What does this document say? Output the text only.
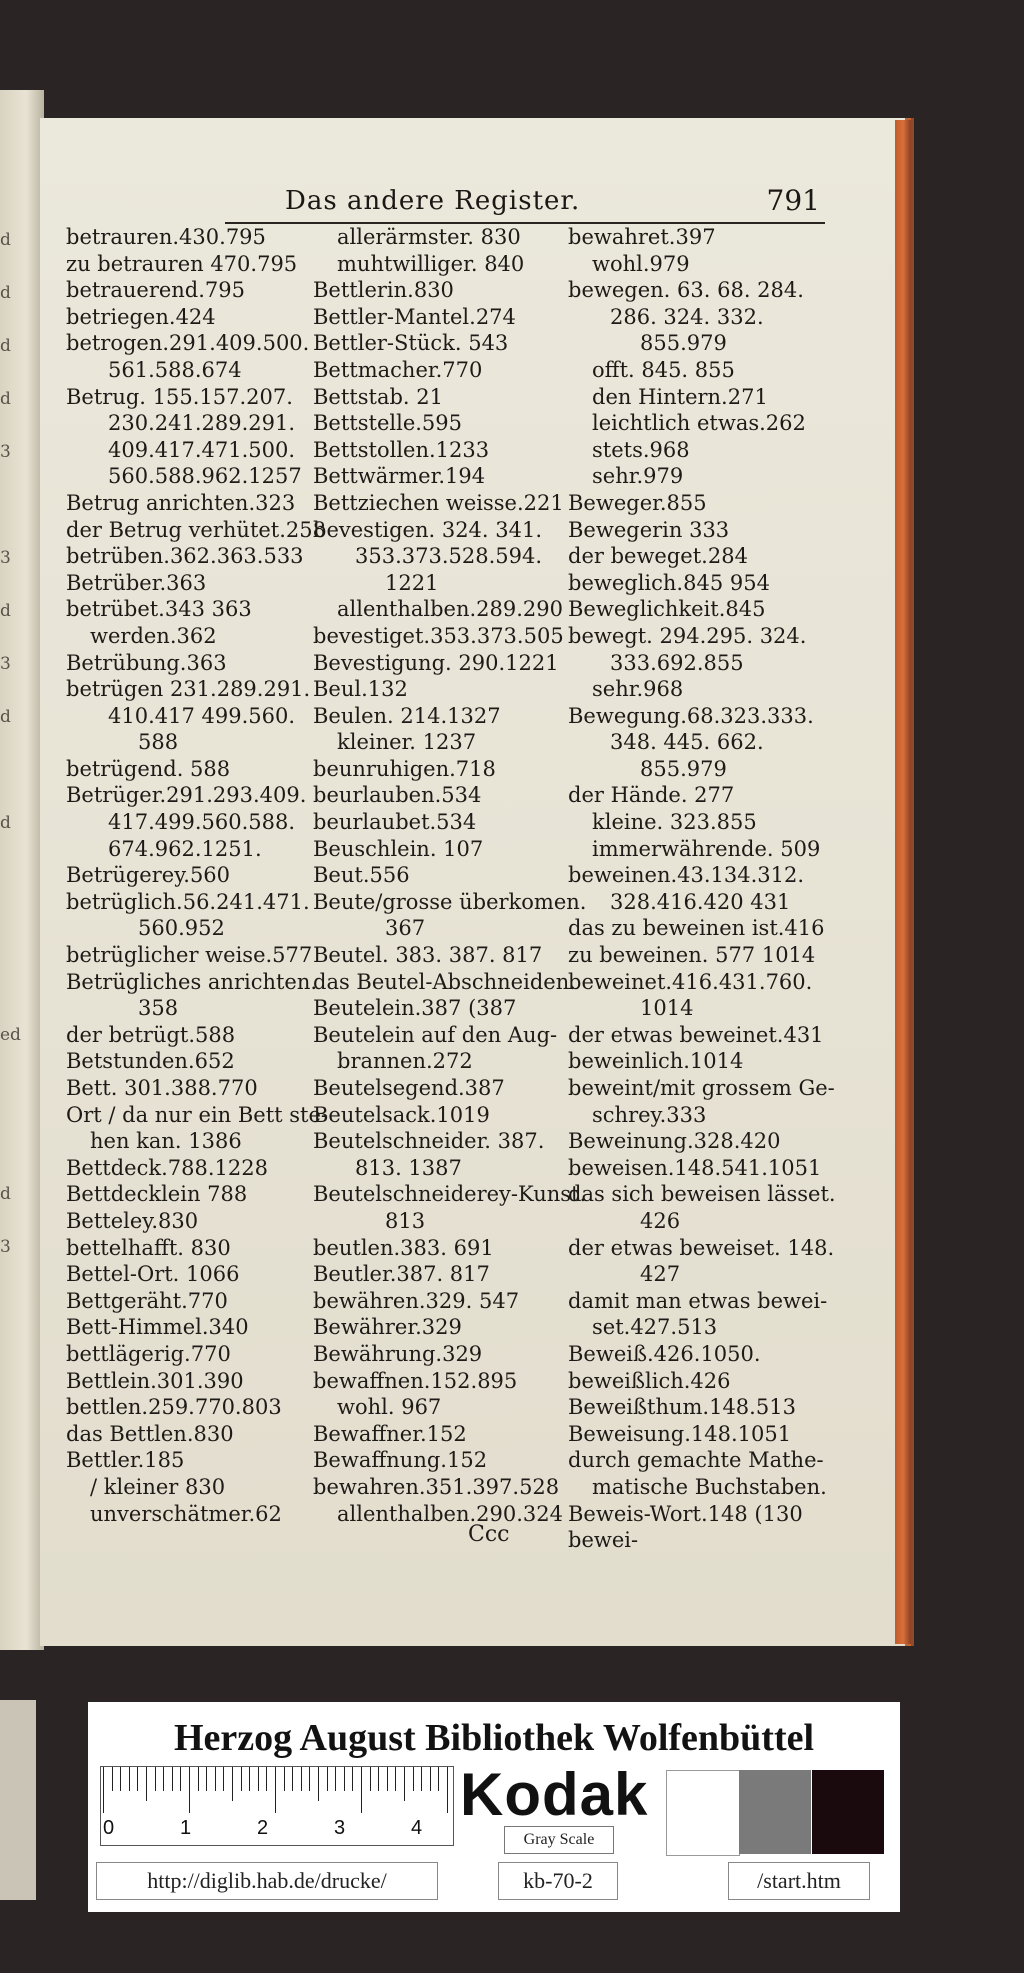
d
d
d
d
3
3
d
3
d
d
ed
d
3
Das andere Register.	791
betrauren.430.795
zu betrauren 470.795
betrauerend.795
betriegen.424
betrogen.291.409.500.
561.588.674
Betrug. 155.157.207.
230.241.289.291.
409.417.471.500.
560.588.962.1257
Betrug anrichten.323
der Betrug verhütet.258
betrüben.362.363.533
Betrüber.363
betrübet.343 363
werden.362
Betrübung.363
betrügen 231.289.291.
410.417 499.560.
588
betrügend. 588
Betrüger.291.293.409.
417.499.560.588.
674.962.1251.
Betrügerey.560
betrüglich.56.241.471.
560.952
betrüglicher weise.577
Betrügliches anrichten.
358
der betrügt.588
Betstunden.652
Bett. 301.388.770
Ort / da nur ein Bett ste-
hen kan. 1386
Bettdeck.788.1228
Bettdecklein 788
Betteley.830
bettelhafft. 830
Bettel-Ort. 1066
Bettgeräht.770
Bett-Himmel.340
bettlägerig.770
Bettlein.301.390
bettlen.259.770.803
das Bettlen.830
Bettler.185
/ kleiner 830
unverschätmer.62
allerärmster. 830
muhtwilliger. 840
Bettlerin.830
Bettler-Mantel.274
Bettler-Stück. 543
Bettmacher.770
Bettstab. 21
Bettstelle.595
Bettstollen.1233
Bettwärmer.194
Bettziechen weisse.221
bevestigen. 324. 341.
353.373.528.594.
1221
allenthalben.289.290
bevestiget.353.373.505
Bevestigung. 290.1221
Beul.132
Beulen. 214.1327
kleiner. 1237
beunruhigen.718
beurlauben.534
beurlaubet.534
Beuschlein. 107
Beut.556
Beute/grosse überkomen.
367
Beutel. 383. 387. 817
das Beutel-Abschneiden.
Beutelein.387 (387
Beutelein auf den Aug-
brannen.272
Beutelsegend.387
Beutelsack.1019
Beutelschneider. 387.
813. 1387
Beutelschneiderey-Kunst.
813
beutlen.383. 691
Beutler.387. 817
bewähren.329. 547
Bewährer.329
Bewährung.329
bewaffnen.152.895
wohl. 967
Bewaffner.152
Bewaffnung.152
bewahren.351.397.528
allenthalben.290.324
bewahret.397
wohl.979
bewegen. 63. 68. 284.
286. 324. 332.
855.979
offt. 845. 855
den Hintern.271
leichtlich etwas.262
stets.968
sehr.979
Beweger.855
Bewegerin 333
der beweget.284
beweglich.845 954
Beweglichkeit.845
bewegt. 294.295. 324.
333.692.855
sehr.968
Bewegung.68.323.333.
348. 445. 662.
855.979
der Hände. 277
kleine. 323.855
immerwährende. 509
beweinen.43.134.312.
328.416.420 431
das zu beweinen ist.416
zu beweinen. 577 1014
beweinet.416.431.760.
1014
der etwas beweinet.431
beweinlich.1014
beweint/mit grossem Ge-
schrey.333
Beweinung.328.420
beweisen.148.541.1051
das sich beweisen lässet.
426
der etwas beweiset. 148.
427
damit man etwas bewei-
set.427.513
Beweiß.426.1050.
beweißlich.426
Beweißthum.148.513
Beweisung.148.1051
durch gemachte Mathe-
matische Buchstaben.
Beweis-Wort.148 (130
bewei-
Ccc
Herzog August Bibliothek Wolfenbüttel
0	1	2	3	4 Kodak
Gray Scale
http://diglib.hab.de/drucke/	kb-70-2	/start.htm
